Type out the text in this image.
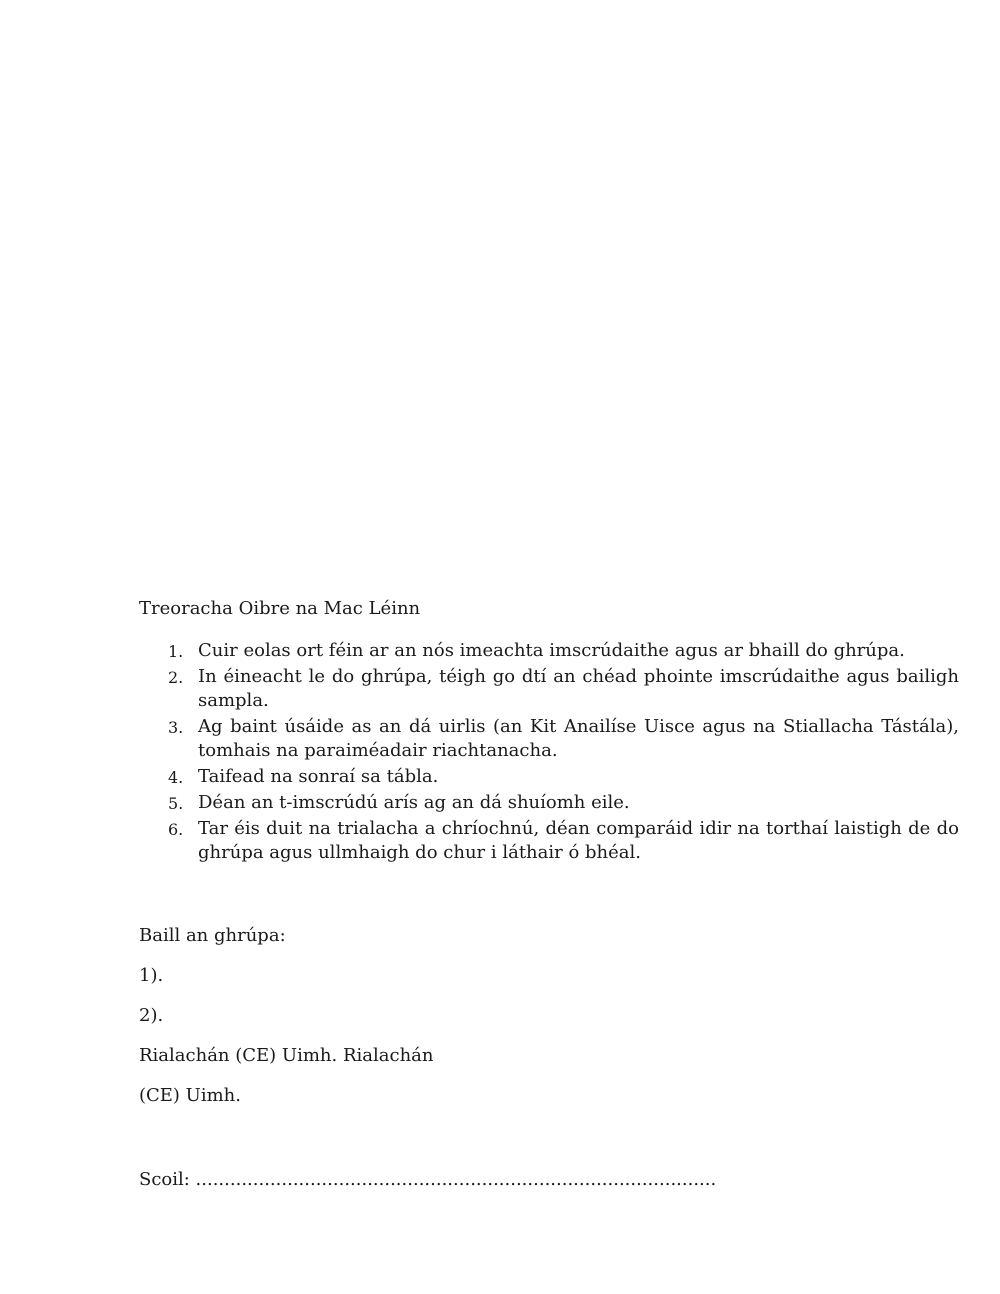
Treoracha Oibre na Mac Léinn

1. Cuir eolas ort féin ar an nós imeachta imscrúdaithe agus ar bhaill do ghrúpa.
2. In éineacht le do ghrúpa, téigh go dtí an chéad phointe imscrúdaithe agus bailigh sampla.
3. Ag baint úsáide as an dá uirlis (an Kit Anailíse Uisce agus na Stiallacha Tástála), tomhais na paraiméadair riachtanacha.
4. Taifead na sonraí sa tábla.
5. Déan an t-imscrúdú arís ag an dá shuíomh eile.
6. Tar éis duit na trialacha a chríochnú, déan comparáid idir na torthaí laistigh de do ghrúpa agus ullmhaigh do chur i láthair ó bhéal.

Baill an ghrúpa:

1).

2).

Rialachán (CE) Uimh. Rialachán

(CE) Uimh.

Scoil: ...........................................................................................
